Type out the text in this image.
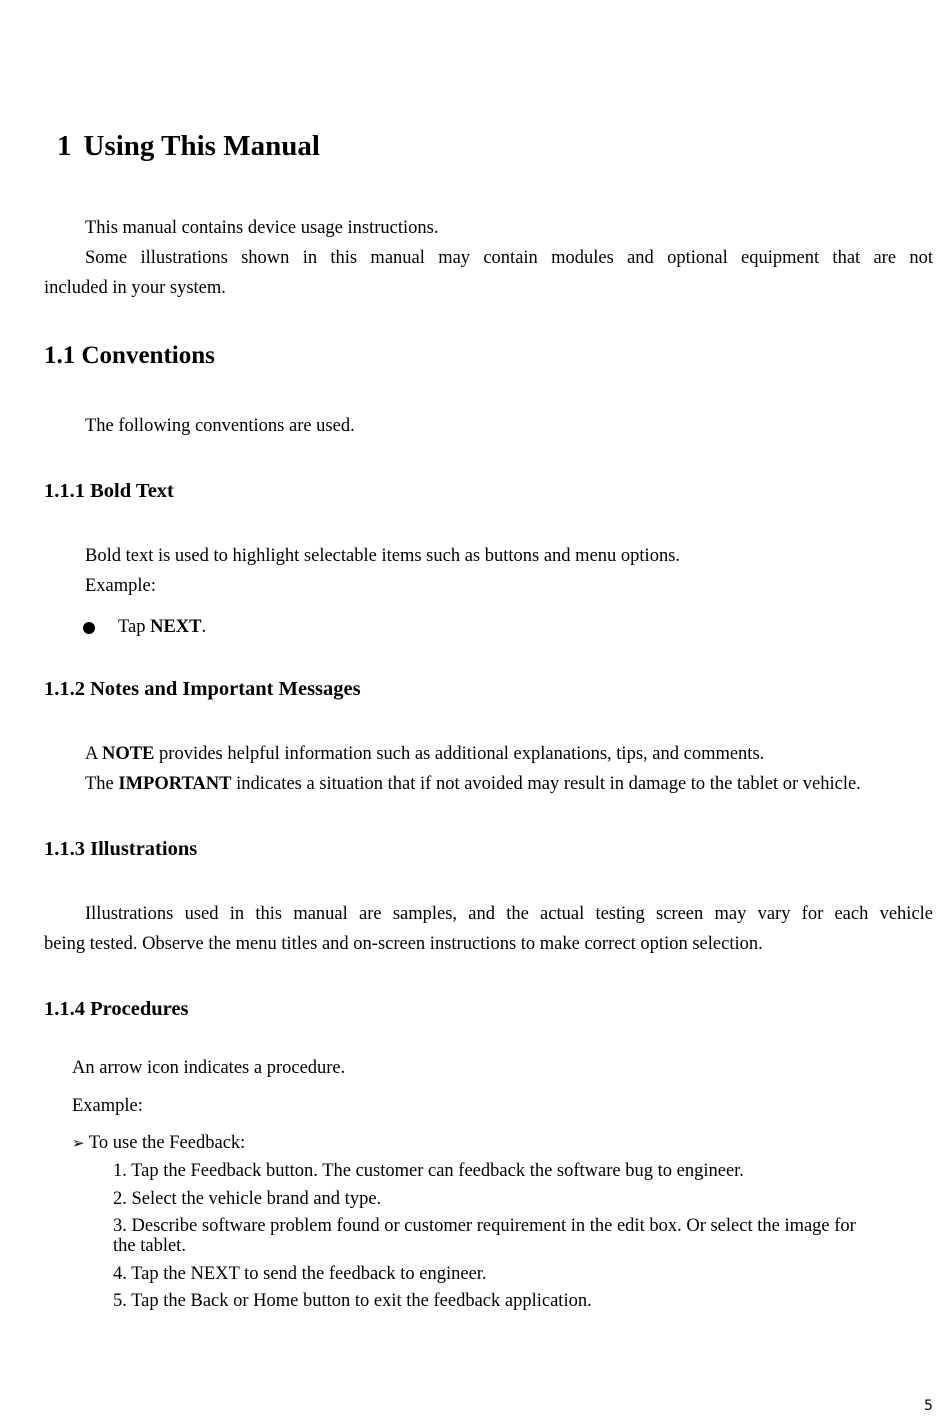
1 Using This Manual
This manual contains device usage instructions.
Some illustrations shown in this manual may contain modules and optional equipment that are not
included in your system.
1.1 Conventions
The following conventions are used.
1.1.1 Bold Text
Bold text is used to highlight selectable items such as buttons and menu options.
Example:
Tap NEXT.
1.1.2 Notes and Important Messages
A NOTE provides helpful information such as additional explanations, tips, and comments.
The IMPORTANT indicates a situation that if not avoided may result in damage to the tablet or vehicle.
1.1.3 Illustrations
Illustrations used in this manual are samples, and the actual testing screen may vary for each vehicle
being tested. Observe the menu titles and on-screen instructions to make correct option selection.
1.1.4 Procedures
An arrow icon indicates a procedure.
Example:
➢ To use the Feedback:
1. Tap the Feedback button. The customer can feedback the software bug to engineer.
2. Select the vehicle brand and type.
3. Describe software problem found or customer requirement in the edit box. Or select the image for
the tablet.
4. Tap the NEXT to send the feedback to engineer.
5. Tap the Back or Home button to exit the feedback application.
5
